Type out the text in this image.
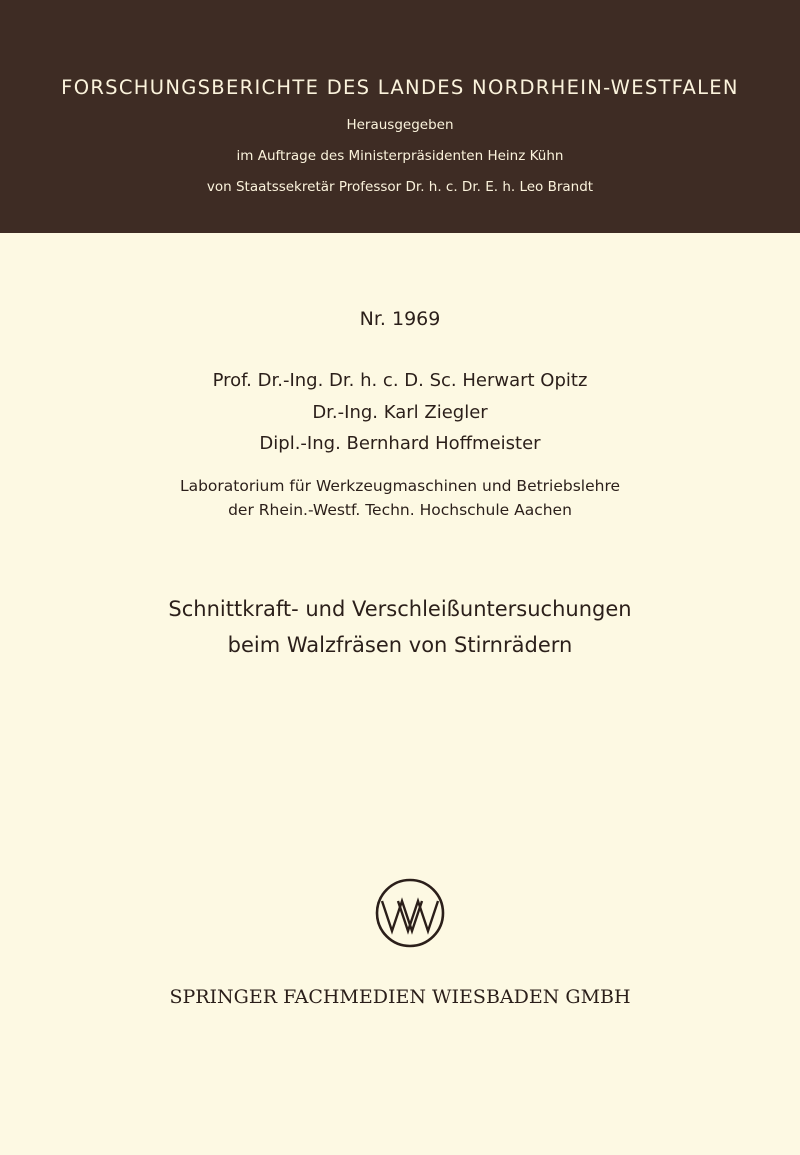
FORSCHUNGSBERICHTE DES LANDES NORDRHEIN-WESTFALEN
Herausgegeben
im Auftrage des Ministerpräsidenten Heinz Kühn
von Staatssekretär Professor Dr. h. c. Dr. E. h. Leo Brandt
Nr. 1969
Prof. Dr.-Ing. Dr. h. c. D. Sc. Herwart Opitz
Dr.-Ing. Karl Ziegler
Dipl.-Ing. Bernhard Hoffmeister
Laboratorium für Werkzeugmaschinen und Betriebslehre
der Rhein.-Westf. Techn. Hochschule Aachen
Schnittkraft- und Verschleißuntersuchungen
beim Walzfräsen von Stirnrädern
SPRINGER FACHMEDIEN WIESBADEN GMBH
